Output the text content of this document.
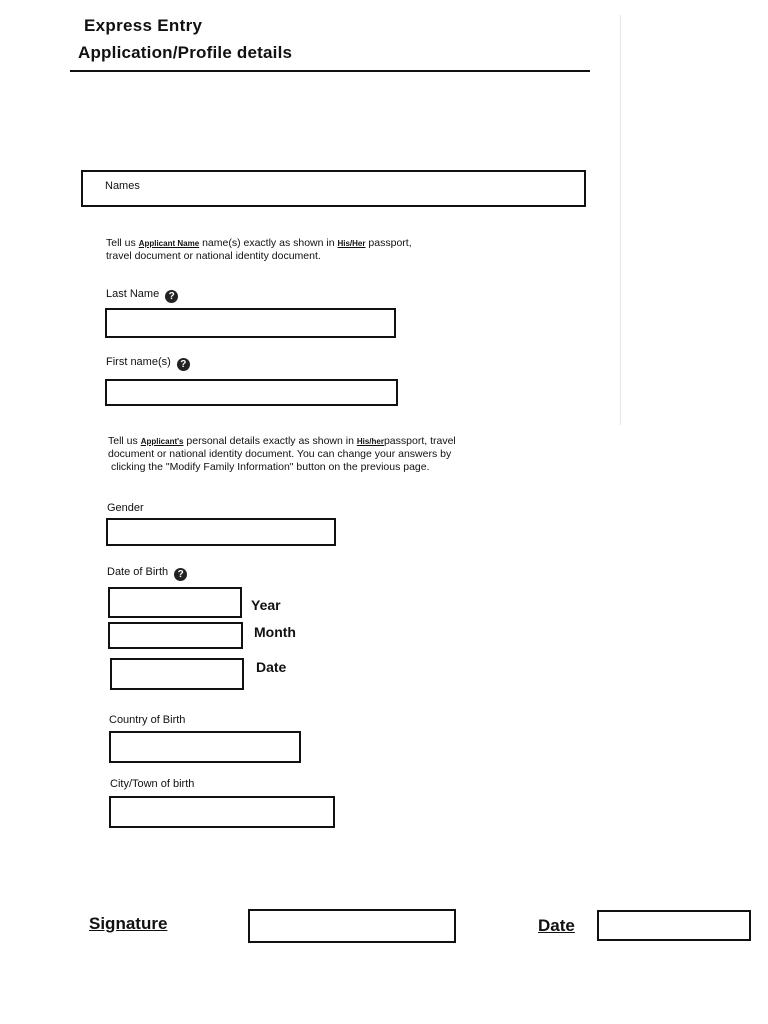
Express Entry
Application/Profile details
Names
Tell us Applicant Name name(s) exactly as shown in His/Her passport,
travel document or national identity document.
Last Name ?
First name(s) ?
Tell us Applicant's personal details exactly as shown in His/herpassport, travel
document or national identity document. You can change your answers by
clicking the "Modify Family Information" button on the previous page.
Gender
Date of Birth ?
Year
Month
Date
Country of Birth
City/Town of birth
Signature	Date
